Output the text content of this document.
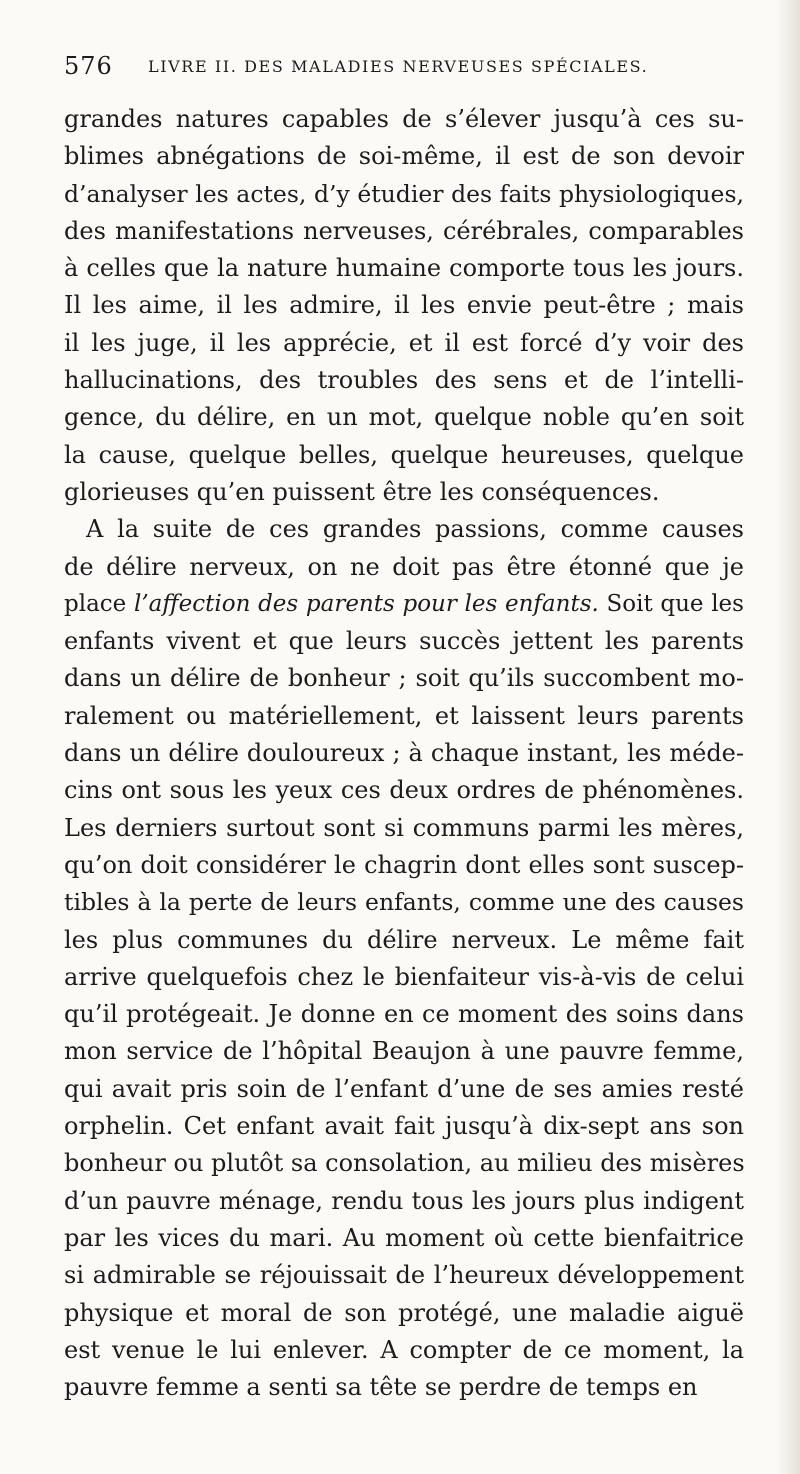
576 LIVRE II. DES MALADIES NERVEUSES SPÉCIALES.

grandes natures capables de s’élever jusqu’à ces su-
blimes abnégations de soi-même, il est de son devoir
d’analyser les actes, d’y étudier des faits physiologiques,
des manifestations nerveuses, cérébrales, comparables
à celles que la nature humaine comporte tous les jours.
Il les aime, il les admire, il les envie peut-être ; mais
il les juge, il les apprécie, et il est forcé d’y voir des
hallucinations, des troubles des sens et de l’intelli-
gence, du délire, en un mot, quelque noble qu’en soit
la cause, quelque belles, quelque heureuses, quelque
glorieuses qu’en puissent être les conséquences.

A la suite de ces grandes passions, comme causes
de délire nerveux, on ne doit pas être étonné que je
place l’affection des parents pour les enfants. Soit que les
enfants vivent et que leurs succès jettent les parents
dans un délire de bonheur ; soit qu’ils succombent mo-
ralement ou matériellement, et laissent leurs parents
dans un délire douloureux ; à chaque instant, les méde-
cins ont sous les yeux ces deux ordres de phénomènes.
Les derniers surtout sont si communs parmi les mères,
qu’on doit considérer le chagrin dont elles sont suscep-
tibles à la perte de leurs enfants, comme une des causes
les plus communes du délire nerveux. Le même fait
arrive quelquefois chez le bienfaiteur vis-à-vis de celui
qu’il protégeait. Je donne en ce moment des soins dans
mon service de l’hôpital Beaujon à une pauvre femme,
qui avait pris soin de l’enfant d’une de ses amies resté
orphelin. Cet enfant avait fait jusqu’à dix-sept ans son
bonheur ou plutôt sa consolation, au milieu des misères
d’un pauvre ménage, rendu tous les jours plus indigent
par les vices du mari. Au moment où cette bienfaitrice
si admirable se réjouissait de l’heureux développement
physique et moral de son protégé, une maladie aiguë
est venue le lui enlever. A compter de ce moment, la
pauvre femme a senti sa tête se perdre de temps en
